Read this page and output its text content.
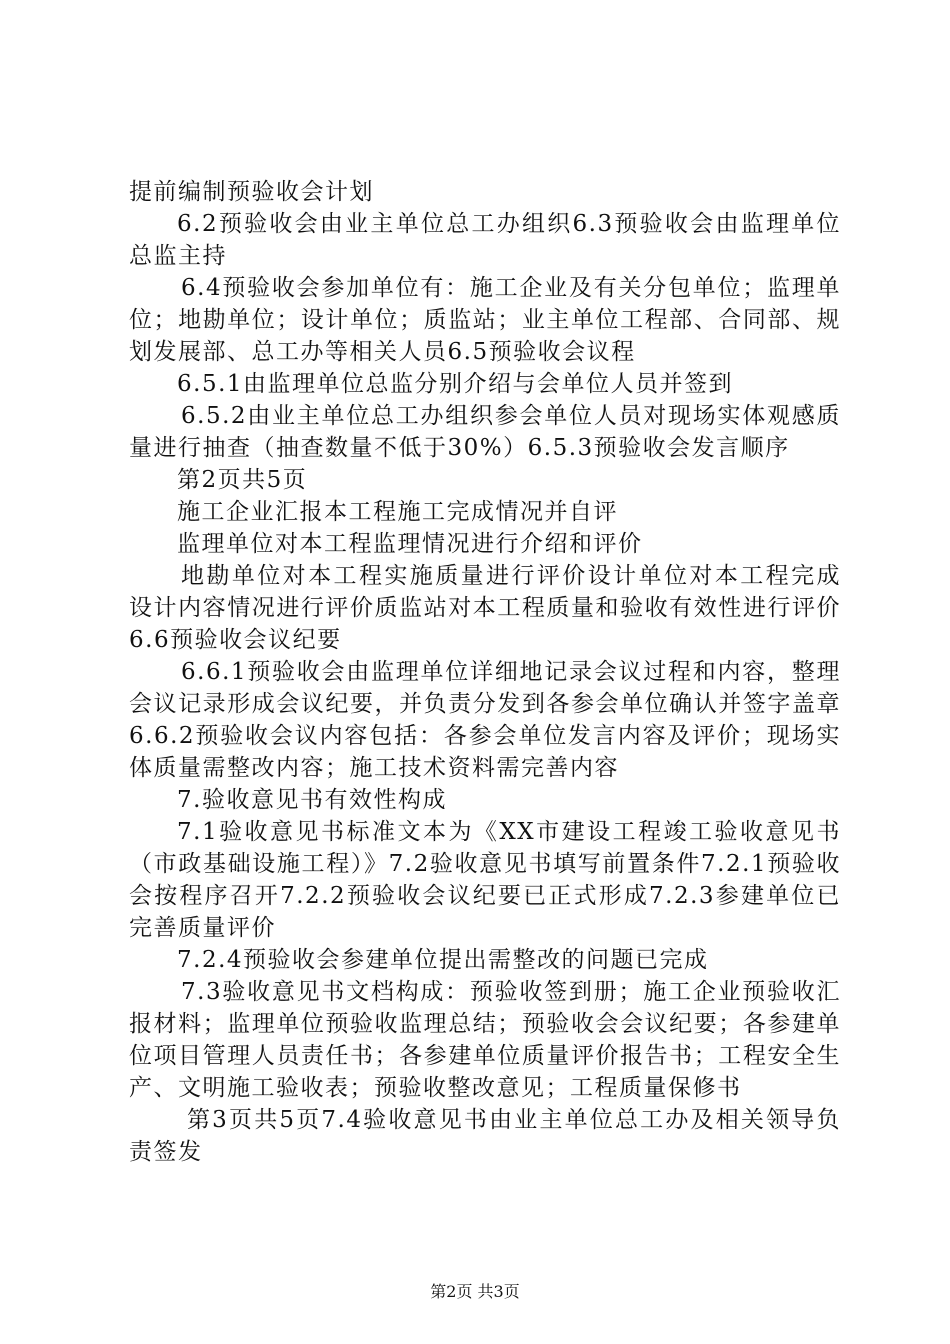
提前编制预验收会计划

6.2预验收会由业主单位总工办组织6.3预验收会由监理单位总监主持

6.4预验收会参加单位有：施工企业及有关分包单位；监理单位；地勘单位；设计单位；质监站；业主单位工程部、合同部、规划发展部、总工办等相关人员6.5预验收会议程

6.5.1由监理单位总监分别介绍与会单位人员并签到

6.5.2由业主单位总工办组织参会单位人员对现场实体观感质量进行抽查（抽查数量不低于30%）6.5.3预验收会发言顺序

第2页共5页

施工企业汇报本工程施工完成情况并自评

监理单位对本工程监理情况进行介绍和评价

地勘单位对本工程实施质量进行评价设计单位对本工程完成设计内容情况进行评价质监站对本工程质量和验收有效性进行评价6.6预验收会议纪要

6.6.1预验收会由监理单位详细地记录会议过程和内容，整理会议记录形成会议纪要，并负责分发到各参会单位确认并签字盖章6.6.2预验收会议内容包括：各参会单位发言内容及评价；现场实体质量需整改内容；施工技术资料需完善内容

7.验收意见书有效性构成

7.1验收意见书标准文本为《XX市建设工程竣工验收意见书（市政基础设施工程）》7.2验收意见书填写前置条件7.2.1预验收会按程序召开7.2.2预验收会议纪要已正式形成7.2.3参建单位已完善质量评价

7.2.4预验收会参建单位提出需整改的问题已完成

7.3验收意见书文档构成：预验收签到册；施工企业预验收汇报材料；监理单位预验收监理总结；预验收会会议纪要；各参建单位项目管理人员责任书；各参建单位质量评价报告书；工程安全生产、文明施工验收表；预验收整改意见；工程质量保修书

第3页共5页7.4验收意见书由业主单位总工办及相关领导负责签发

第2页 共3页
